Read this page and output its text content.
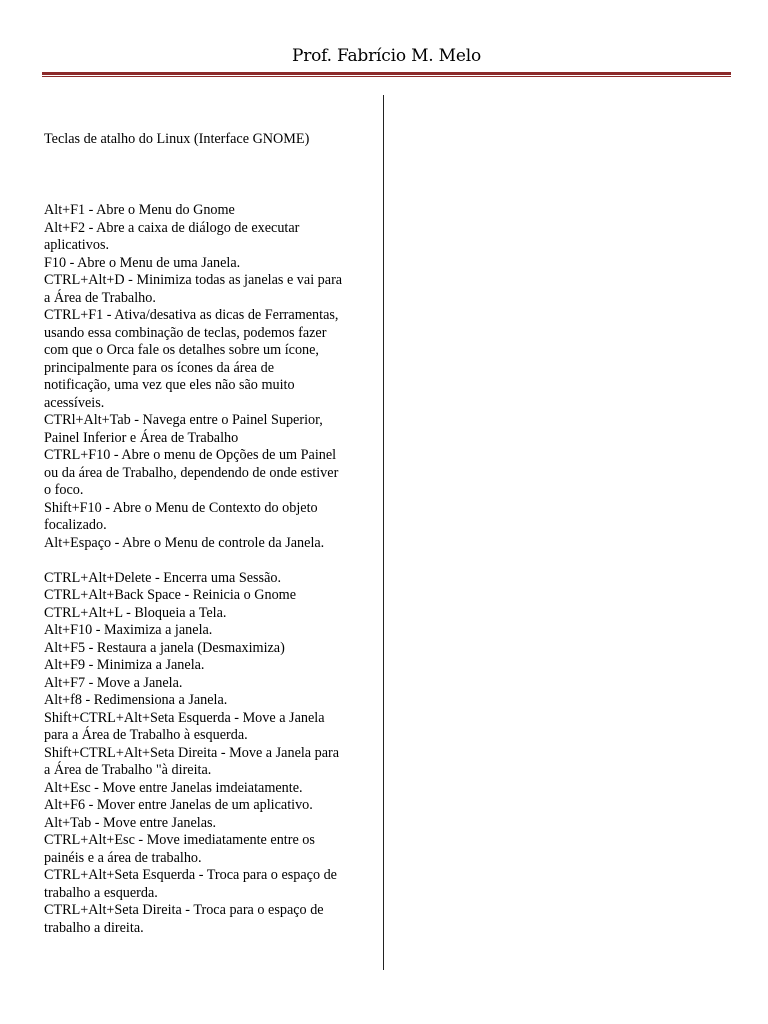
Prof. Fabrício M. Melo
Teclas de atalho do Linux (Interface GNOME)
Alt+F1 - Abre o Menu do Gnome
Alt+F2 - Abre a caixa de diálogo de executar
aplicativos.
F10 - Abre o Menu de uma Janela.
CTRL+Alt+D - Minimiza todas as janelas e vai para
a Área de Trabalho.
CTRL+F1 - Ativa/desativa as dicas de Ferramentas,
usando essa combinação de teclas, podemos fazer
com que o Orca fale os detalhes sobre um ícone,
principalmente para os ícones da área de
notificação, uma vez que eles não são muito
acessíveis.
CTRl+Alt+Tab - Navega entre o Painel Superior,
Painel Inferior e Área de Trabalho
CTRL+F10 - Abre o menu de Opções de um Painel
ou da área de Trabalho, dependendo de onde estiver
o foco.
Shift+F10 - Abre o Menu de Contexto do objeto
focalizado.
Alt+Espaço - Abre o Menu de controle da Janela.
CTRL+Alt+Delete - Encerra uma Sessão.
CTRL+Alt+Back Space - Reinicia o Gnome
CTRL+Alt+L - Bloqueia a Tela.
Alt+F10 - Maximiza a janela.
Alt+F5 - Restaura a janela (Desmaximiza)
Alt+F9 - Minimiza a Janela.
Alt+F7 - Move a Janela.
Alt+f8 - Redimensiona a Janela.
Shift+CTRL+Alt+Seta Esquerda - Move a Janela
para a Área de Trabalho à esquerda.
Shift+CTRL+Alt+Seta Direita - Move a Janela para
a Área de Trabalho "à direita.
Alt+Esc - Move entre Janelas imdeiatamente.
Alt+F6 - Mover entre Janelas de um aplicativo.
Alt+Tab - Move entre Janelas.
CTRL+Alt+Esc - Move imediatamente entre os
painéis e a área de trabalho.
CTRL+Alt+Seta Esquerda - Troca para o espaço de
trabalho a esquerda.
CTRL+Alt+Seta Direita - Troca para o espaço de
trabalho a direita.
